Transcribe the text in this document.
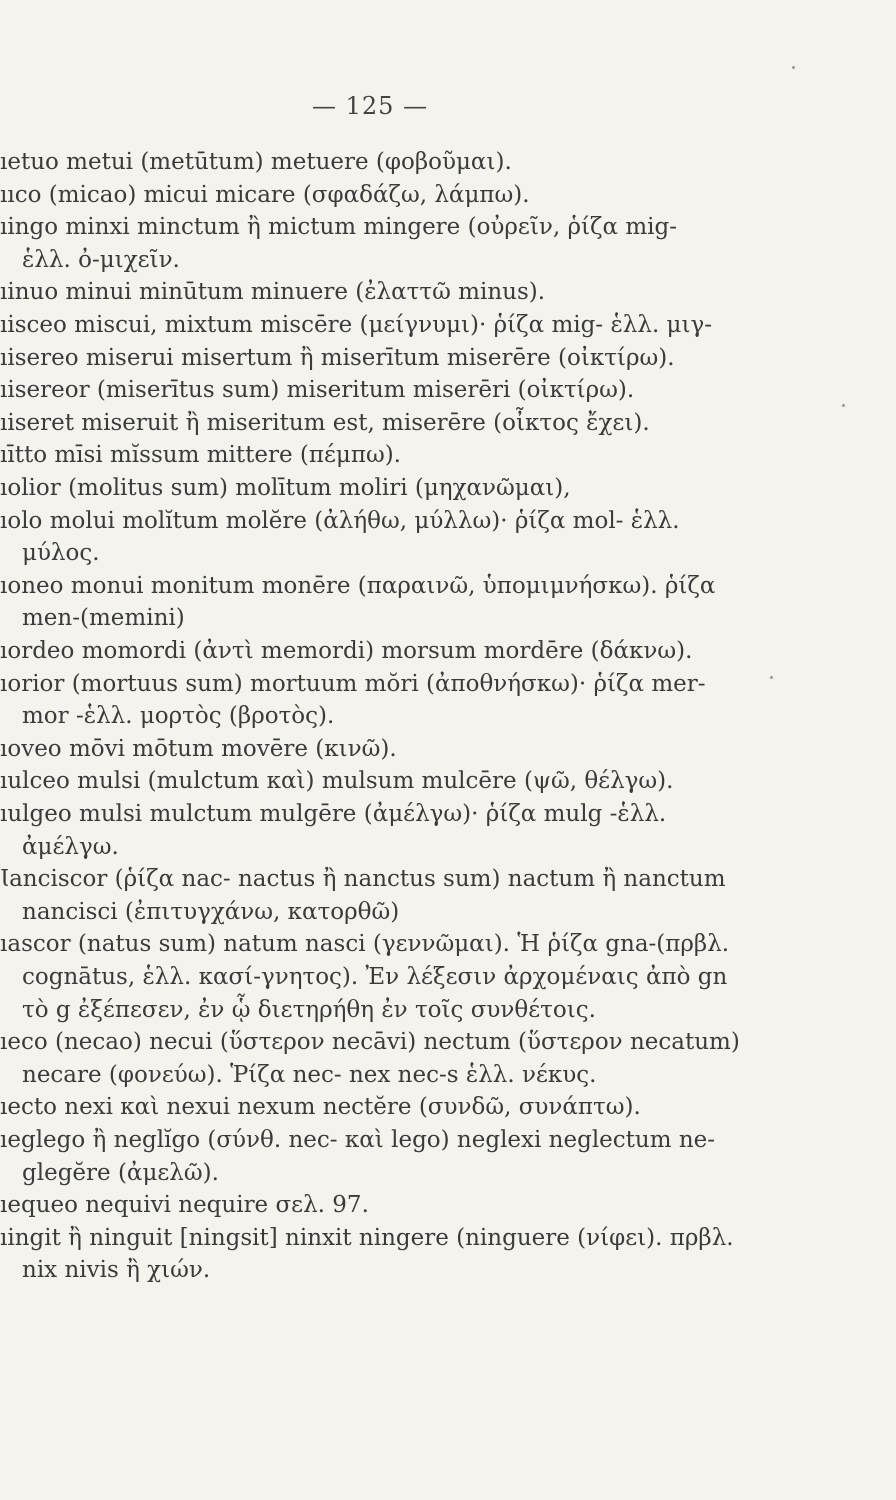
— 125 —
ıetuo metui (metūtum) metuere (φοβοῦμαι).
ııco (micao) micui micare (σφαδάζω, λάμπω).
ıingo minxi minctum ἢ mictum mingere (οὐρεῖν, ῥίζα mig-
ἑλλ. ὀ-μιχεῖν.
ıinuo minui minūtum minuere (ἐλαττῶ minus).
ıisceo miscui, mixtum miscēre (μείγνυμι)· ῥίζα mig- ἑλλ. μιγ-
ıisereo miserui misertum ἢ miserītum miserēre (οἰκτίρω).
ıisereor (miserītus sum) miseritum miserēri (οἰκτίρω).
ıiseret miseruit ἢ miseritum est, miserēre (οἶκτος ἔχει).
ıītto mīsi mĭssum mittere (πέμπω).
ıolior (molitus sum) molītum moliri (μηχανῶμαι),
ıolo molui molĭtum molĕre (ἀλήθω, μύλλω)· ῥίζα mol- ἑλλ.
μύλος.
ıoneo monui monitum monēre (παραινῶ, ὑπομιμνήσκω). ῥίζα
men-(memini)
ıordeo momordi (ἀντὶ memordi) morsum mordēre (δάκνω).
ıorior (mortuus sum) mortuum mŏri (ἀποθνήσκω)· ῥίζα mer-
mor -ἑλλ. μορτὸς (βροτὸς).
ıoveo mōvi mōtum movēre (κινῶ).
ıulceo mulsi (mulctum καὶ) mulsum mulcēre (ψῶ, θέλγω).
ıulgeo mulsi mulctum mulgēre (ἀμέλγω)· ῥίζα mulg -ἑλλ.
ἀμέλγω.
Ɩanciscor (ῥίζα nac- nactus ἢ nanctus sum) nactum ἢ nanctum
nancisci (ἐπιτυγχάνω, κατορθῶ)
ıascor (natus sum) natum nasci (γεννῶμαι). Ἡ ῥίζα gna-(πρβλ.
cognātus, ἑλλ. κασί-γνητος). Ἐν λέξεσιν ἀρχομέναις ἀπὸ gn
τὸ g ἐξέπεσεν, ἐν ᾧ διετηρήθη ἐν τοῖς συνθέτοις.
ıeco (necao) necui (ὕστερον necāvi) nectum (ὕστερον necatum)
necare (φονεύω). Ῥίζα nec- nex nec-s ἑλλ. νέκυς.
ıecto nexi καὶ nexui nexum nectĕre (συνδῶ, συνάπτω).
ıeglego ἢ neglĭgo (σύνθ. nec- καὶ lego) neglexi neglectum ne-
glegĕre (ἀμελῶ).
ıequeo nequivi nequire σελ. 97.
ıingit ἢ ninguit [ningsit] ninxit ningere (ninguere (νίφει). πρβλ.
nix nivis ἢ χιών.
